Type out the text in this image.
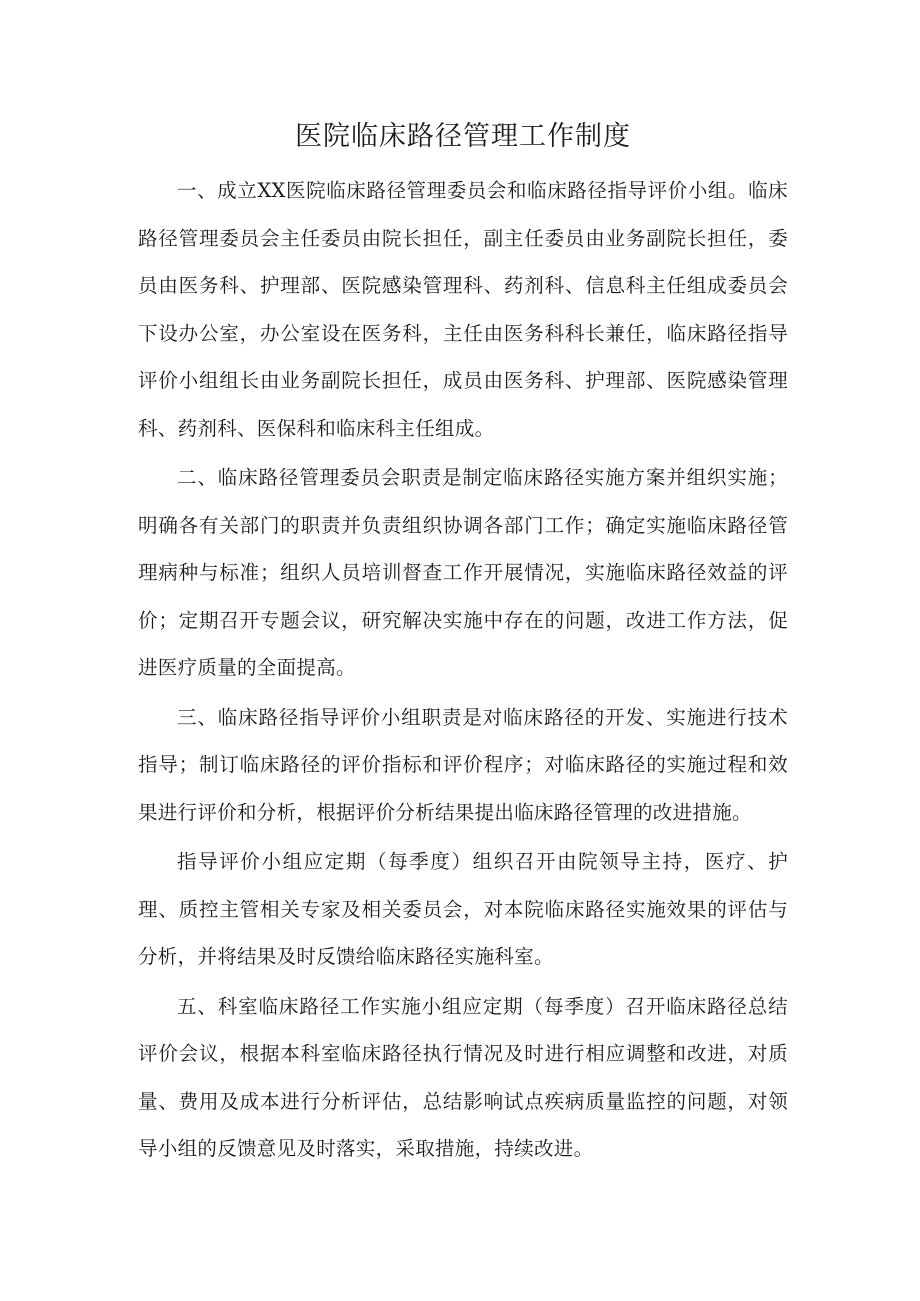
医院临床路径管理工作制度

一、成立XX医院临床路径管理委员会和临床路径指导评价小组。临床路径管理委员会主任委员由院长担任，副主任委员由业务副院长担任，委员由医务科、护理部、医院感染管理科、药剂科、信息科主任组成委员会下设办公室，办公室设在医务科，主任由医务科科长兼任，临床路径指导评价小组组长由业务副院长担任，成员由医务科、护理部、医院感染管理科、药剂科、医保科和临床科主任组成。

二、临床路径管理委员会职责是制定临床路径实施方案并组织实施；明确各有关部门的职责并负责组织协调各部门工作；确定实施临床路径管理病种与标准；组织人员培训督查工作开展情况，实施临床路径效益的评价；定期召开专题会议，研究解决实施中存在的问题，改进工作方法，促进医疗质量的全面提高。

三、临床路径指导评价小组职责是对临床路径的开发、实施进行技术指导；制订临床路径的评价指标和评价程序；对临床路径的实施过程和效果进行评价和分析，根据评价分析结果提出临床路径管理的改进措施。

指导评价小组应定期（每季度）组织召开由院领导主持，医疗、护理、质控主管相关专家及相关委员会，对本院临床路径实施效果的评估与分析，并将结果及时反馈给临床路径实施科室。

五、科室临床路径工作实施小组应定期（每季度）召开临床路径总结评价会议，根据本科室临床路径执行情况及时进行相应调整和改进，对质量、费用及成本进行分析评估，总结影响试点疾病质量监控的问题，对领导小组的反馈意见及时落实，采取措施，持续改进。
